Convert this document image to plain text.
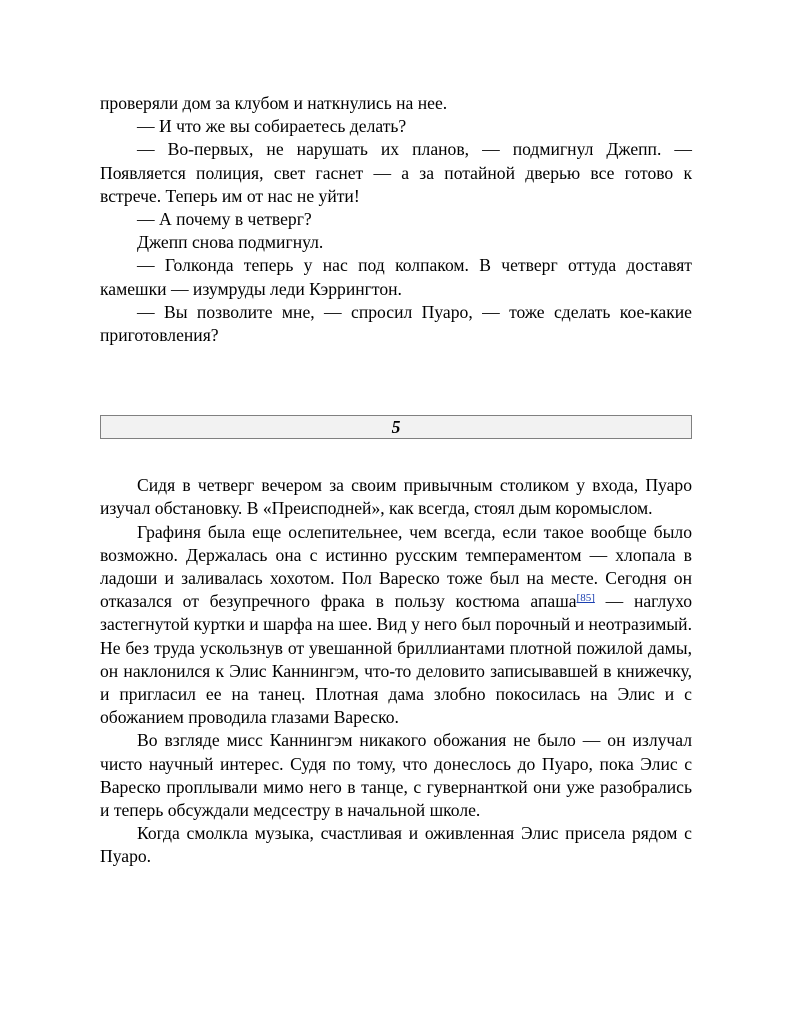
проверяли дом за клубом и наткнулись на нее.

— И что же вы собираетесь делать?

— Во-первых, не нарушать их планов, — подмигнул Джепп. — Появляется полиция, свет гаснет — а за потайной дверью все готово к встрече. Теперь им от нас не уйти!

— А почему в четверг?

Джепп снова подмигнул.

— Голконда теперь у нас под колпаком. В четверг оттуда доставят камешки — изумруды леди Кэррингтон.

— Вы позволите мне, — спросил Пуаро, — тоже сделать кое-какие приготовления?

5

Сидя в четверг вечером за своим привычным столиком у входа, Пуаро изучал обстановку. В «Преисподней», как всегда, стоял дым коромыслом.

Графиня была еще ослепительнее, чем всегда, если такое вообще было возможно. Держалась она с истинно русским темпераментом — хлопала в ладоши и заливалась хохотом. Пол Вареско тоже был на месте. Сегодня он отказался от безупречного фрака в пользу костюма апаша[85] — наглухо застегнутой куртки и шарфа на шее. Вид у него был порочный и неотразимый. Не без труда ускользнув от увешанной бриллиантами плотной пожилой дамы, он наклонился к Элис Каннингэм, что-то деловито записывавшей в книжечку, и пригласил ее на танец. Плотная дама злобно покосилась на Элис и с обожанием проводила глазами Вареско.

Во взгляде мисс Каннингэм никакого обожания не было — он излучал чисто научный интерес. Судя по тому, что донеслось до Пуаро, пока Элис с Вареско проплывали мимо него в танце, с гувернанткой они уже разобрались и теперь обсуждали медсестру в начальной школе.

Когда смолкла музыка, счастливая и оживленная Элис присела рядом с Пуаро.
